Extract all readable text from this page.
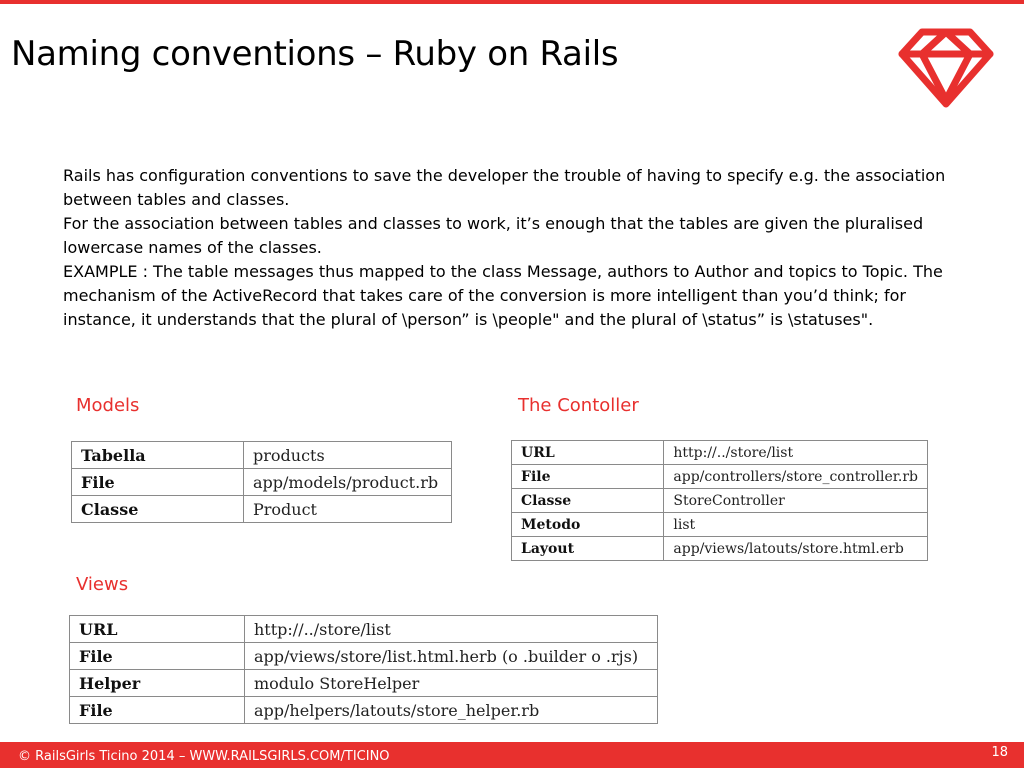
Naming conventions – Ruby on Rails

Rails has configuration conventions to save the developer the trouble of having to specify e.g. the association between tables and classes.

For the association between tables and classes to work, it’s enough that the tables are given the pluralised lowercase names of the classes.

EXAMPLE : The table messages thus mapped to the class Message, authors to Author and topics to Topic. The mechanism of the ActiveRecord that takes care of the conversion is more intelligent than you’d think; for instance, it understands that the plural of \person” is \people" and the plural of \status” is \statuses".

Models
Tabella	products
File	app/models/product.rb
Classe	Product
The Contoller
URL	http://../store/list
File	app/controllers/store_controller.rb
Classe	StoreController
Metodo	list
Layout	app/views/latouts/store.html.erb
Views
URL	http://../store/list
File	app/views/store/list.html.herb (o .builder o .rjs)
Helper	modulo StoreHelper
File	app/helpers/latouts/store_helper.rb
© RailsGirls Ticino 2014 – WWW.RAILSGIRLS.COM/TICINO	18
